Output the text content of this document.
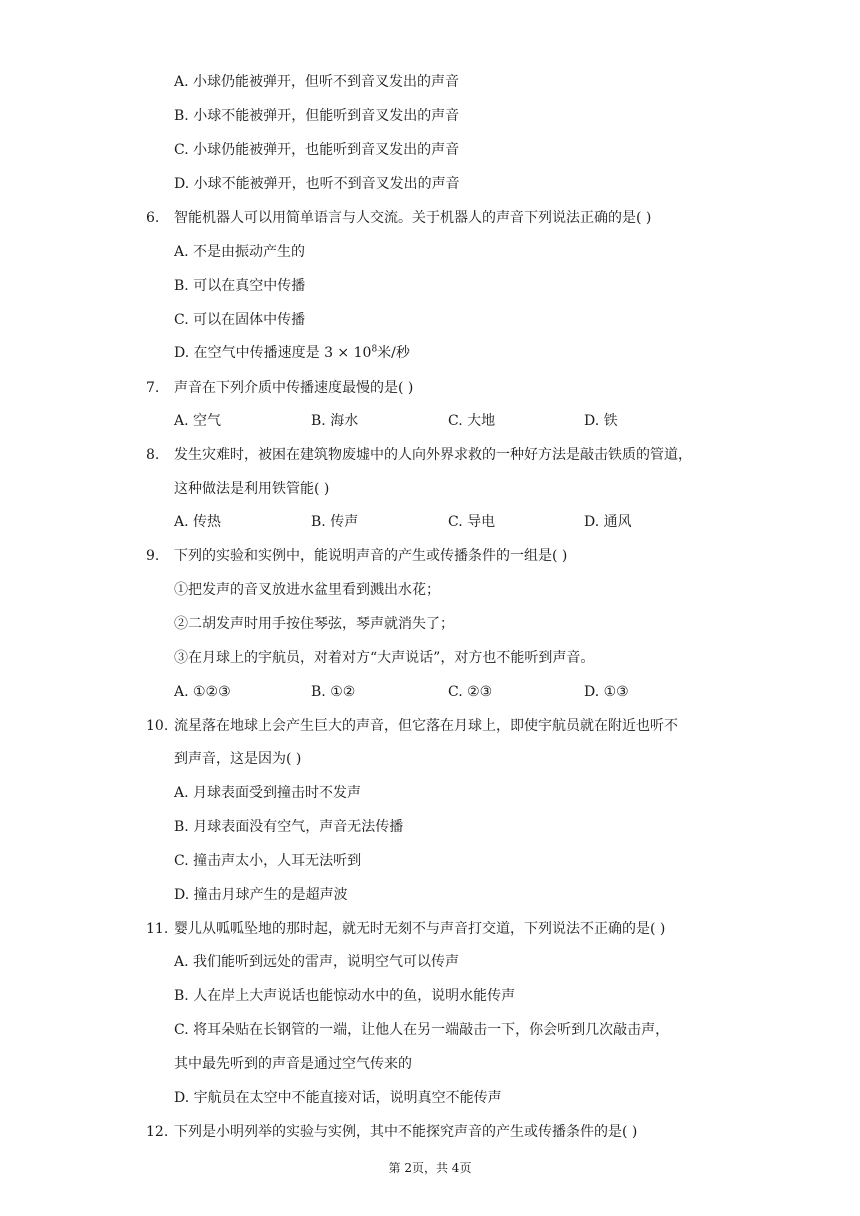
A. 小球仍能被弹开，但听不到音叉发出的声音
B. 小球不能被弹开，但能听到音叉发出的声音
C. 小球仍能被弹开，也能听到音叉发出的声音
D. 小球不能被弹开，也听不到音叉发出的声音
6. 智能机器人可以用简单语言与人交流。关于机器人的声音下列说法正确的是( )
A. 不是由振动产生的
B. 可以在真空中传播
C. 可以在固体中传播
D. 在空气中传播速度是 $3 \times 10^8$米/秒
7. 声音在下列介质中传播速度最慢的是( )
A. 空气	B. 海水	C. 大地	D. 铁
8. 发生灾难时，被困在建筑物废墟中的人向外界求救的一种好方法是敲击铁质的管道，
这种做法是利用铁管能( )
A. 传热	B. 传声	C. 导电	D. 通风
9. 下列的实验和实例中，能说明声音的产生或传播条件的一组是( )
①把发声的音叉放进水盆里看到溅出水花；
②二胡发声时用手按住琴弦，琴声就消失了；
③在月球上的宇航员，对着对方“大声说话”，对方也不能听到声音。
A. ①②③	B. ①②	C. ②③	D. ①③
10. 流星落在地球上会产生巨大的声音，但它落在月球上，即使宇航员就在附近也听不
到声音，这是因为( )
A. 月球表面受到撞击时不发声
B. 月球表面没有空气，声音无法传播
C. 撞击声太小，人耳无法听到
D. 撞击月球产生的是超声波
11. 婴儿从呱呱坠地的那时起，就无时无刻不与声音打交道，下列说法不正确的是( )
A. 我们能听到远处的雷声，说明空气可以传声
B. 人在岸上大声说话也能惊动水中的鱼，说明水能传声
C. 将耳朵贴在长钢管的一端，让他人在另一端敲击一下，你会听到几次敲击声，
其中最先听到的声音是通过空气传来的
D. 宇航员在太空中不能直接对话，说明真空不能传声
12. 下列是小明列举的实验与实例，其中不能探究声音的产生或传播条件的是( )
第 2页，共 4页
